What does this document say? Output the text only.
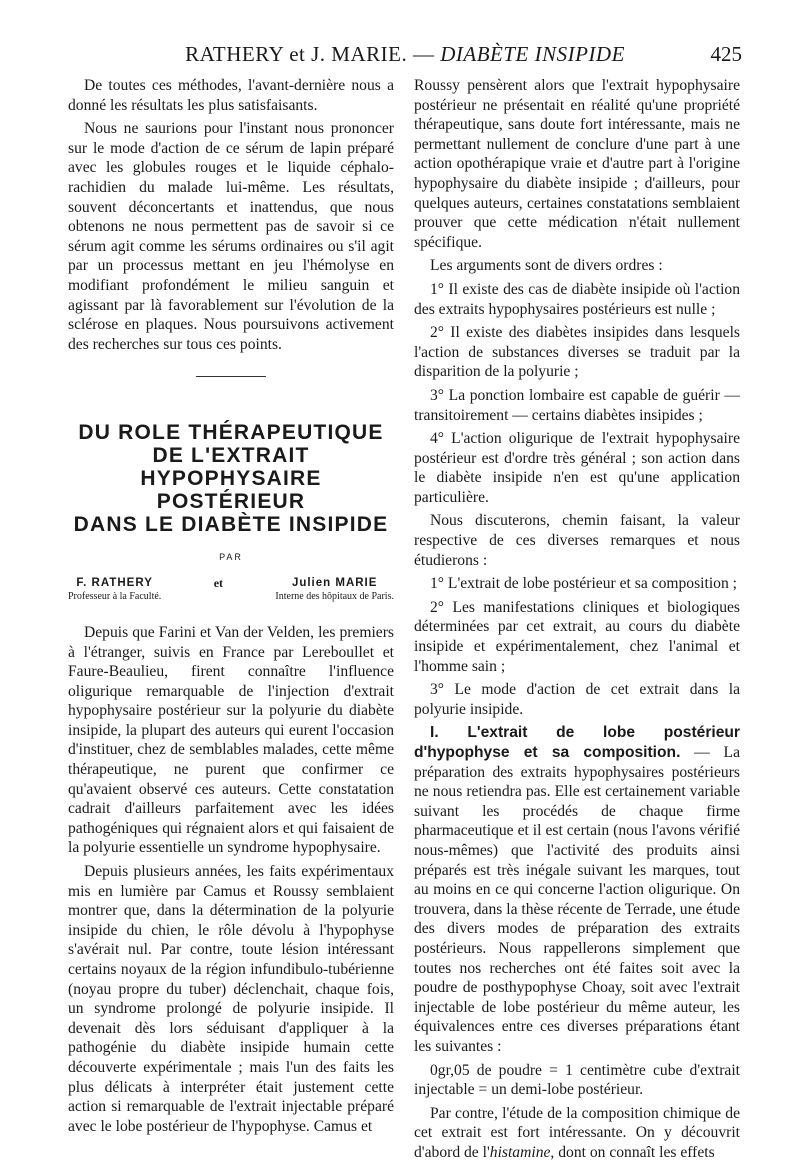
RATHERY et J. MARIE. — DIABÈTE INSIPIDE	425

De toutes ces méthodes, l'avant-dernière nous a donné les résultats les plus satisfaisants.

Nous ne saurions pour l'instant nous prononcer sur le mode d'action de ce sérum de lapin préparé avec les globules rouges et le liquide céphalo-rachidien du malade lui-même. Les résultats, souvent déconcertants et inattendus, que nous obtenons ne nous permettent pas de savoir si ce sérum agit comme les sérums ordinaires ou s'il agit par un processus mettant en jeu l'hémolyse en modifiant profondément le milieu sanguin et agissant par là favorablement sur l'évolution de la sclérose en plaques. Nous poursuivons activement des recherches sur tous ces points.

DU ROLE THÉRAPEUTIQUE
DE L'EXTRAIT
HYPOPHYSAIRE POSTÉRIEUR
DANS LE DIABÈTE INSIPIDE
PAR
F. RATHERY
Professeur à la Faculté.
et	Julien MARIE
Interne des hôpitaux de Paris.

Depuis que Farini et Van der Velden, les premiers à l'étranger, suivis en France par Lereboullet et Faure-Beaulieu, firent connaître l'influence oligurique remarquable de l'injection d'extrait hypophysaire postérieur sur la polyurie du diabète insipide, la plupart des auteurs qui eurent l'occasion d'instituer, chez de semblables malades, cette même thérapeutique, ne purent que confirmer ce qu'avaient observé ces auteurs. Cette constatation cadrait d'ailleurs parfaitement avec les idées pathogéniques qui régnaient alors et qui faisaient de la polyurie essentielle un syndrome hypophysaire.

Depuis plusieurs années, les faits expérimentaux mis en lumière par Camus et Roussy semblaient montrer que, dans la détermination de la polyurie insipide du chien, le rôle dévolu à l'hypophyse s'avérait nul. Par contre, toute lésion intéressant certains noyaux de la région infundibulo-tubérienne (noyau propre du tuber) déclenchait, chaque fois, un syndrome prolongé de polyurie insipide. Il devenait dès lors séduisant d'appliquer à la pathogénie du diabète insipide humain cette découverte expérimentale ; mais l'un des faits les plus délicats à interpréter était justement cette action si remarquable de l'extrait injectable préparé avec le lobe postérieur de l'hypophyse. Camus et

Roussy pensèrent alors que l'extrait hypophysaire postérieur ne présentait en réalité qu'une propriété thérapeutique, sans doute fort intéressante, mais ne permettant nullement de conclure d'une part à une action opothérapique vraie et d'autre part à l'origine hypophysaire du diabète insipide ; d'ailleurs, pour quelques auteurs, certaines constatations semblaient prouver que cette médication n'était nullement spécifique.

Les arguments sont de divers ordres :

1° Il existe des cas de diabète insipide où l'action des extraits hypophysaires postérieurs est nulle ;

2° Il existe des diabètes insipides dans lesquels l'action de substances diverses se traduit par la disparition de la polyurie ;

3° La ponction lombaire est capable de guérir — transitoirement — certains diabètes insipides ;

4° L'action oligurique de l'extrait hypophysaire postérieur est d'ordre très général ; son action dans le diabète insipide n'en est qu'une application particulière.

Nous discuterons, chemin faisant, la valeur respective de ces diverses remarques et nous étudierons :

1° L'extrait de lobe postérieur et sa composition ;

2° Les manifestations cliniques et biologiques déterminées par cet extrait, au cours du diabète insipide et expérimentalement, chez l'animal et l'homme sain ;

3° Le mode d'action de cet extrait dans la polyurie insipide.

I. L'extrait de lobe postérieur d'hypophyse et sa composition. — La préparation des extraits hypophysaires postérieurs ne nous retiendra pas. Elle est certainement variable suivant les procédés de chaque firme pharmaceutique et il est certain (nous l'avons vérifié nous-mêmes) que l'activité des produits ainsi préparés est très inégale suivant les marques, tout au moins en ce qui concerne l'action oligurique. On trouvera, dans la thèse récente de Terrade, une étude des divers modes de préparation des extraits postérieurs. Nous rappellerons simplement que toutes nos recherches ont été faites soit avec la poudre de posthypophyse Choay, soit avec l'extrait injectable de lobe postérieur du même auteur, les équivalences entre ces diverses préparations étant les suivantes :

0gr,05 de poudre = 1 centimètre cube d'extrait injectable = un demi-lobe postérieur.

Par contre, l'étude de la composition chimique de cet extrait est fort intéressante. On y découvrit d'abord de l'histamine, dont on connaît les effets
